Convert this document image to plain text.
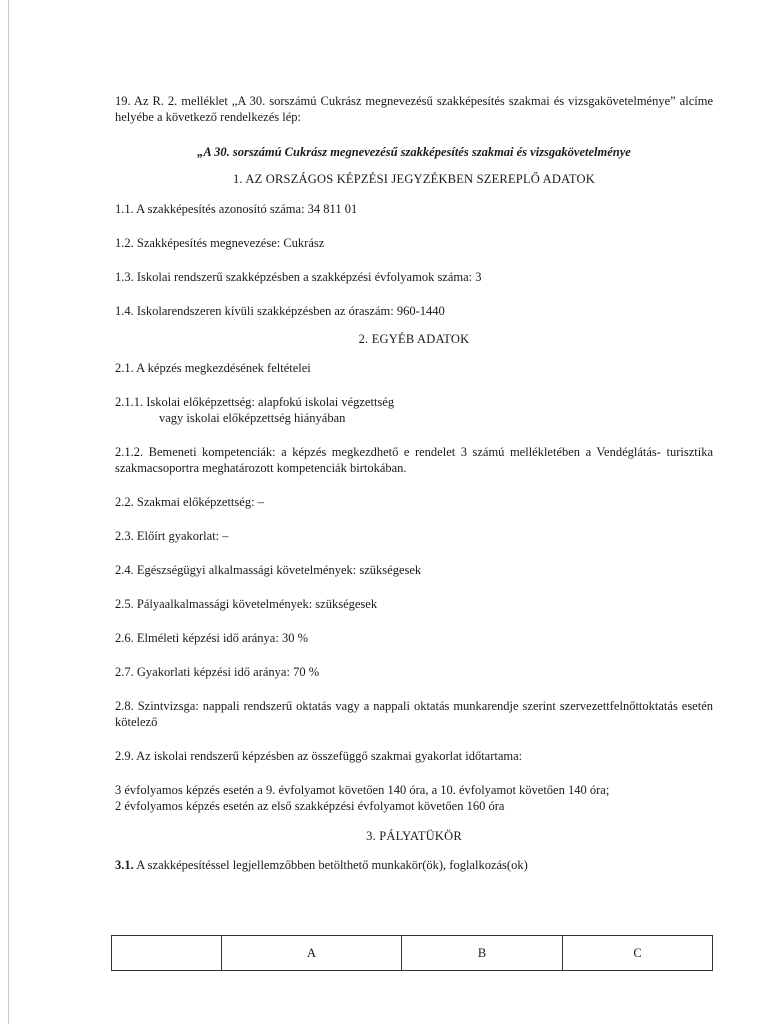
19. Az R. 2. melléklet „A 30. sorszámú Cukrász megnevezésű szakképesítés szakmai és vizsgakövetelménye” alcíme helyébe a következő rendelkezés lép:

„A 30. sorszámú Cukrász megnevezésű szakképesítés szakmai és vizsgakövetelménye

1. AZ ORSZÁGOS KÉPZÉSI JEGYZÉKBEN SZEREPLŐ ADATOK

1.1. A szakképesítés azonosító száma: 34 811 01

1.2. Szakképesítés megnevezése: Cukrász

1.3. Iskolai rendszerű szakképzésben a szakképzési évfolyamok száma: 3

1.4. Iskolarendszeren kívüli szakképzésben az óraszám: 960-1440

2. EGYÉB ADATOK

2.1. A képzés megkezdésének feltételei

2.1.1. Iskolai előképzettség: alapfokú iskolai végzettség

vagy iskolai előképzettség hiányában

2.1.2. Bemeneti kompetenciák: a képzés megkezdhető e rendelet 3 számú mellékletében a Vendéglátás- turisztika szakmacsoportra meghatározott kompetenciák birtokában.

2.2. Szakmai előképzettség: –

2.3. Előírt gyakorlat: –

2.4. Egészségügyi alkalmassági követelmények: szükségesek

2.5. Pályaalkalmassági követelmények: szükségesek

2.6. Elméleti képzési idő aránya: 30 %

2.7. Gyakorlati képzési idő aránya: 70 %

2.8. Szintvizsga: nappali rendszerű oktatás vagy a nappali oktatás munkarendje szerint szervezettfelnőttoktatás esetén kötelező

2.9. Az iskolai rendszerű képzésben az összefüggő szakmai gyakorlat időtartama:

3 évfolyamos képzés esetén a 9. évfolyamot követően 140 óra, a 10. évfolyamot követően 140 óra;

2 évfolyamos képzés esetén az első szakképzési évfolyamot követően 160 óra

3. PÁLYATÜKÖR

3.1. A szakképesítéssel legjellemzőbben betölthető munkakör(ök), foglalkozás(ok)

	A	B	C
